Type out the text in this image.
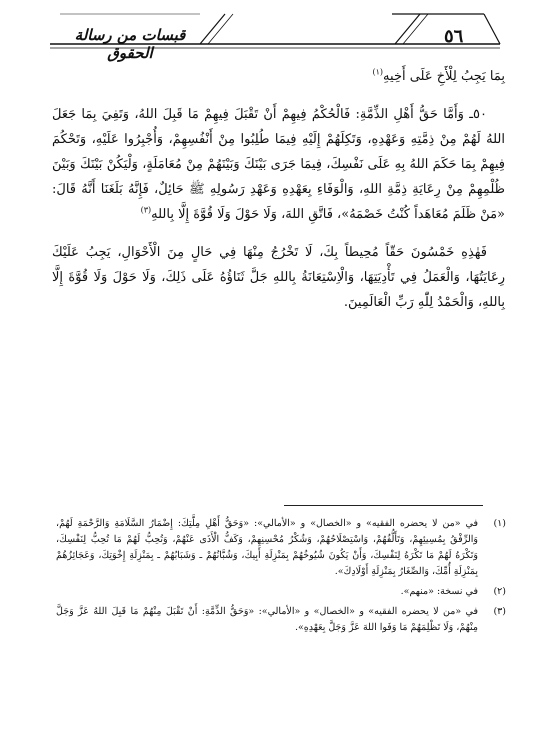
٥٦
قبسات من رسالة الحقوق

بِمَا يَجِبُ لِلْأَخِ عَلَى أَخِيهِ$^{(١)}$

٥٠ـ وَأَمَّا حَقُّ أَهْلِ الذِّمَّةِ: فَالْحُكْمُ فِيهِمْ أَنْ تَقْبَلَ فِيهِمْ مَا قَبِلَ اللهُ، وَتَفِيَ بِمَا جَعَلَ اللهُ لَهُمْ مِنْ ذِمَّتِهِ وَعَهْدِهِ، وَتَكِلَهُمْ إِلَيْهِ فِيمَا طُلِبُوا مِنْ أَنْفُسِهِمْ، وَأُجْبِرُوا عَلَيْهِ، وَتَحْكُمَ فِيهِمْ بِمَا حَكَمَ اللهُ بِهِ عَلَى نَفْسِكَ، فِيمَا جَرَى بَيْنَكَ وَبَيْنَهُمْ مِنْ مُعَامَلَةٍ، وَلْيَكُنْ بَيْنَكَ وَبَيْنَ ظُلْمِهِمْ مِنْ رِعَايَةِ ذِمَّةِ اللهِ، وَالْوَفَاءِ بِعَهْدِهِ وَعَهْدِ رَسُولِهِ ﷺ حَائِلٌ، فَإِنَّهُ بَلَغَنَا أَنَّهُ قَالَ: «مَنْ ظَلَمَ مُعَاهَداً كُنْتُ خَصْمَهُ»، فَاتَّقِ اللهَ، وَلَا حَوْلَ وَلَا قُوَّةَ إِلَّا بِاللهِ$^{(٣)}$

فَهٰذِهِ خَمْسُونَ حَقّاً مُحِيطاً بِكَ، لَا تَخْرُجُ مِنْهَا فِي حَالٍ مِنَ الْأَحْوَالِ، يَجِبُ عَلَيْكَ رِعَايَتُهَا، وَالْعَمَلُ فِي تَأْدِيَتِهَا، وَالْاِسْتِعَانَةُ بِاللهِ جَلَّ ثَنَاؤُهُ عَلَى ذَلِكَ، وَلَا حَوْلَ وَلَا قُوَّةَ إِلَّا بِاللهِ، وَالْحَمْدُ لِلّٰهِ رَبِّ الْعَالَمِينَ.

(١)
في «من لا يحضره الفقيه» و «الخصال» و «الأمالي»: «وَحَقُّ أَهْلِ مِلَّتِكَ: إِضْمَارُ السَّلَامَةِ وَالرَّحْمَةِ لَهُمْ، وَالرِّفْقُ بِمُسِيئِهِمْ، وَتَأَلُّفُهُمْ، وَاسْتِصْلَاحُهُمْ، وَشُكْرُ مُحْسِنِهِمْ، وَكَفُّ الْأَذَى عَنْهُمْ، وَتُحِبُّ لَهُمْ مَا تُحِبُّ لِنَفْسِكَ، وَتَكْرَهُ لَهُمْ مَا تَكْرَهُ لِنَفْسِكَ، وَأَنْ يَكُونَ شُيُوخُهُمْ بِمَنْزِلَةِ أَبِيكَ، وَشُبَّانُهُمْ ـ وَشَبَابُهُمْ ـ بِمَنْزِلَةِ إِخْوَتِكَ، وَعَجَائِزُهُمْ بِمَنْزِلَةِ أُمِّكَ، وَالصِّغَارُ بِمَنْزِلَةِ أَوْلَادِكَ».
(٢)
في نسخة: «منهم».
(٣)
في «من لا يحضره الفقيه» و «الخصال» و «الأمالي»: «وَحَقُّ الذِّمَّةِ: أَنْ تَقْبَلَ مِنْهُمْ مَا قَبِلَ اللهُ عَزَّ وَجَلَّ مِنْهُمْ، وَلَا تَظْلِمَهُمْ مَا وَفَوا اللهَ عَزَّ وَجَلَّ بِعَهْدِهِ».
